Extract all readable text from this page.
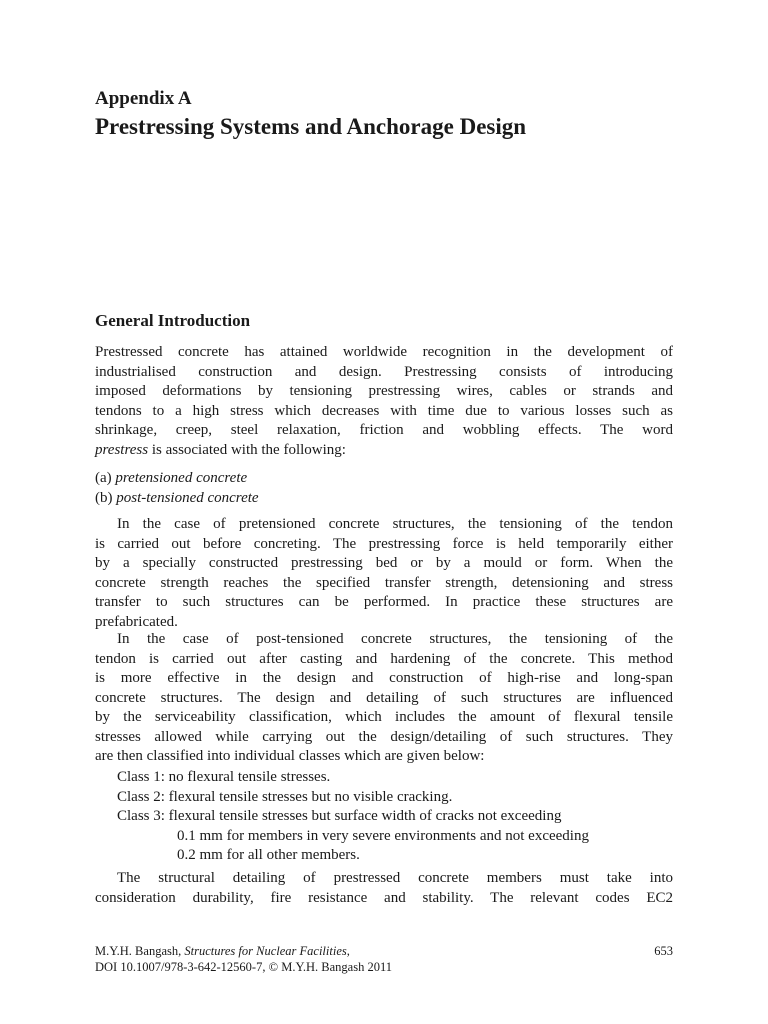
Appendix A
Prestressing Systems and Anchorage Design
General Introduction
Prestressed concrete has attained worldwide recognition in the development of
industrialised construction and design. Prestressing consists of introducing
imposed deformations by tensioning prestressing wires, cables or strands and
tendons to a high stress which decreases with time due to various losses such as
shrinkage, creep, steel relaxation, friction and wobbling effects. The word
prestress is associated with the following:
(a) pretensioned concrete
(b) post-tensioned concrete
In the case of pretensioned concrete structures, the tensioning of the tendon
is carried out before concreting. The prestressing force is held temporarily either
by a specially constructed prestressing bed or by a mould or form. When the
concrete strength reaches the specified transfer strength, detensioning and stress
transfer to such structures can be performed. In practice these structures are
prefabricated.
In the case of post-tensioned concrete structures, the tensioning of the
tendon is carried out after casting and hardening of the concrete. This method
is more effective in the design and construction of high-rise and long-span
concrete structures. The design and detailing of such structures are influenced
by the serviceability classification, which includes the amount of flexural tensile
stresses allowed while carrying out the design/detailing of such structures. They
are then classified into individual classes which are given below:
Class 1: no flexural tensile stresses.
Class 2: flexural tensile stresses but no visible cracking.
Class 3: flexural tensile stresses but surface width of cracks not exceeding
0.1 mm for members in very severe environments and not exceeding
0.2 mm for all other members.
The structural detailing of prestressed concrete members must take into
consideration durability, fire resistance and stability. The relevant codes EC2
M.Y.H. Bangash, Structures for Nuclear Facilities,
DOI 10.1007/978-3-642-12560-7, © M.Y.H. Bangash 2011
653
